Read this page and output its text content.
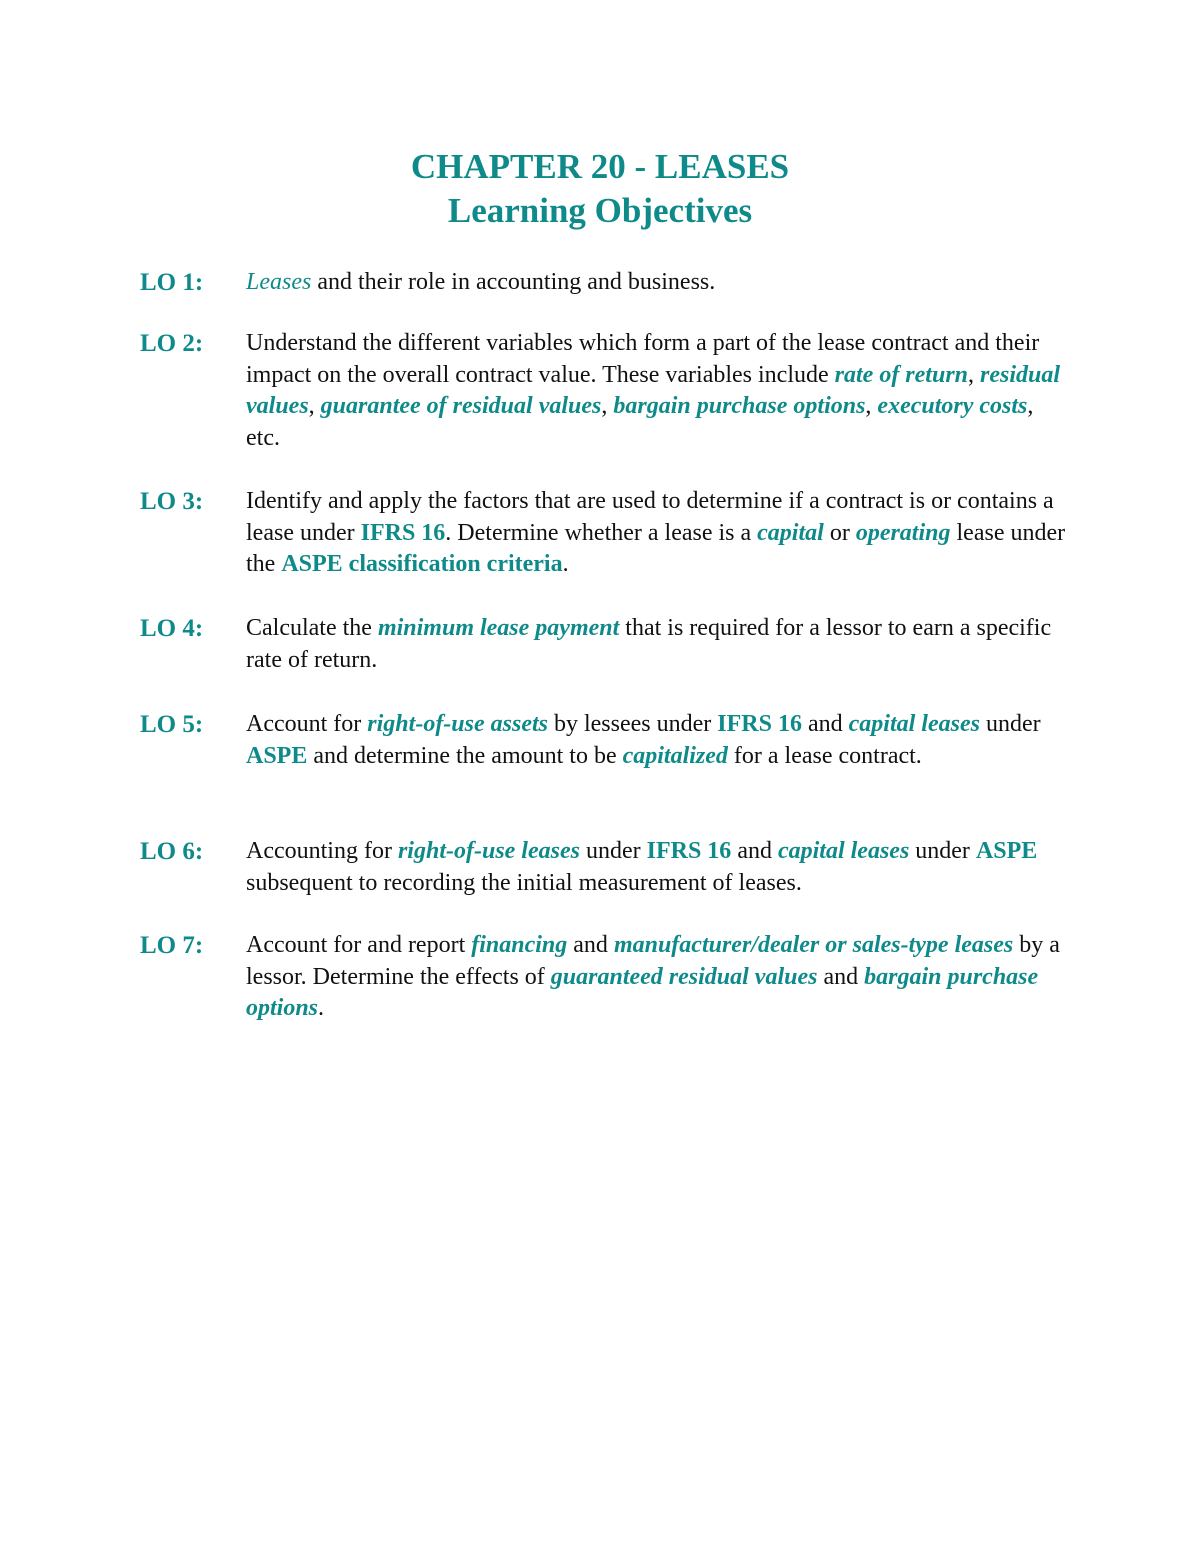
CHAPTER 20 - LEASES
Learning Objectives
LO 1: Leases and their role in accounting and business.
LO 2: Understand the different variables which form a part of the lease contract and their impact on the overall contract value. These variables include rate of return, residual values, guarantee of residual values, bargain purchase options, executory costs, etc.
LO 3: Identify and apply the factors that are used to determine if a contract is or contains a lease under IFRS 16. Determine whether a lease is a capital or operating lease under the ASPE classification criteria.
LO 4: Calculate the minimum lease payment that is required for a lessor to earn a specific rate of return.
LO 5: Account for right-of-use assets by lessees under IFRS 16 and capital leases under ASPE and determine the amount to be capitalized for a lease contract.
LO 6: Accounting for right-of-use leases under IFRS 16 and capital leases under ASPE subsequent to recording the initial measurement of leases.
LO 7: Account for and report financing and manufacturer/dealer or sales-type leases by a lessor. Determine the effects of guaranteed residual values and bargain purchase options.
